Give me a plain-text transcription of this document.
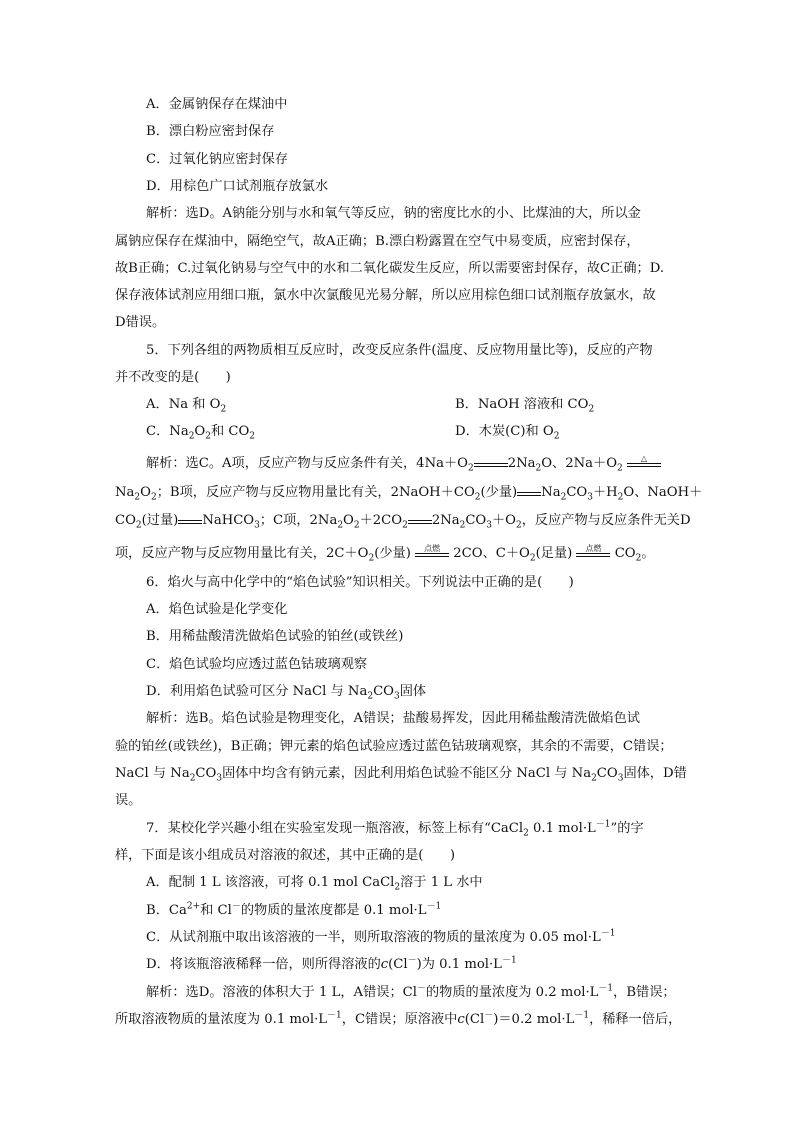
A．金属钠保存在煤油中
B．漂白粉应密封保存
C．过氧化钠应密封保存
D．用棕色广口试剂瓶存放氯水
解析：选D。A钠能分别与水和氧气等反应，钠的密度比水的小、比煤油的大，所以金
属钠应保存在煤油中，隔绝空气，故A正确；B.漂白粉露置在空气中易变质，应密封保存，
故B正确；C.过氧化钠易与空气中的水和二氧化碳发生反应，所以需要密封保存，故C正确；D.
保存液体试剂应用细口瓶，氯水中次氯酸见光易分解，所以应用棕色细口试剂瓶存放氯水，故
D错误。
5．下列各组的两物质相互反应时，改变反应条件(温度、反应物用量比等)，反应的产物
并不改变的是(　　)
A．Na 和 $O_2$	B．NaOH 溶液和 $CO_2$
C．$Na_2O_2$和 $CO_2$	D．木炭(C)和 $O_2$
解析：选C。A项，反应产物与反应条件有关，$4Na+O_2$	$2Na_2O$、$2Na+O_2$
△
$Na_2O_2$；B项，反应产物与反应物用量比有关，$2NaOH+CO_2$(少量) $Na_2CO_3+H_2O$、NaOH＋
$CO_2$(过量) NaHCO$_3$；C项，$2Na_2O_2+2CO_2$ $2Na_2CO_3+O_2$，反应产物与反应条件无关D
项，反应产物与反应物用量比有关，$2C+O_2$(少量)	点燃	2CO、$C+O_2$(足量)	点燃	$CO_2$。
6．焰火与高中化学中的“焰色试验”知识相关。下列说法中正确的是(　　)
A．焰色试验是化学变化
B．用稀盐酸清洗做焰色试验的铂丝(或铁丝)
C．焰色试验均应透过蓝色钴玻璃观察
D．利用焰色试验可区分 NaCl 与 $Na_2CO_3$固体
解析：选B。焰色试验是物理变化，A错误；盐酸易挥发，因此用稀盐酸清洗做焰色试
验的铂丝(或铁丝)，B正确；钾元素的焰色试验应透过蓝色钴玻璃观察，其余的不需要，C错误；
NaCl 与 $Na_2CO_3$固体中均含有钠元素，因此利用焰色试验不能区分 NaCl 与 $Na_2CO_3$固体，D错
误。
7．某校化学兴趣小组在实验室发现一瓶溶液，标签上标有“CaCl$_2$ 0.1 $mol\cdot L^{-1}$”的字
样，下面是该小组成员对溶液的叙述，其中正确的是(　　)
A．配制 1 L 该溶液，可将 0.1 mol CaCl$_2$溶于 1 L 水中
B．$Ca^{2+}$和 Cl－的物质的量浓度都是 0.1 $mol\cdot L^{-1}$
C．从试剂瓶中取出该溶液的一半，则所取溶液的物质的量浓度为 0.05 $mol\cdot L^{-1}$
D．将该瓶溶液稀释一倍，则所得溶液的c(Cl－)为 0.1 $mol\cdot L^{-1}$
解析：选D。溶液的体积大于 1 L，A错误；Cl－的物质的量浓度为 0.2 $mol\cdot L^{-1}$，B错误；
所取溶液物质的量浓度为 0.1 $mol\cdot L^{-1}$，C错误；原溶液中c(Cl－)＝0.2 $mol\cdot L^{-1}$，稀释一倍后，
